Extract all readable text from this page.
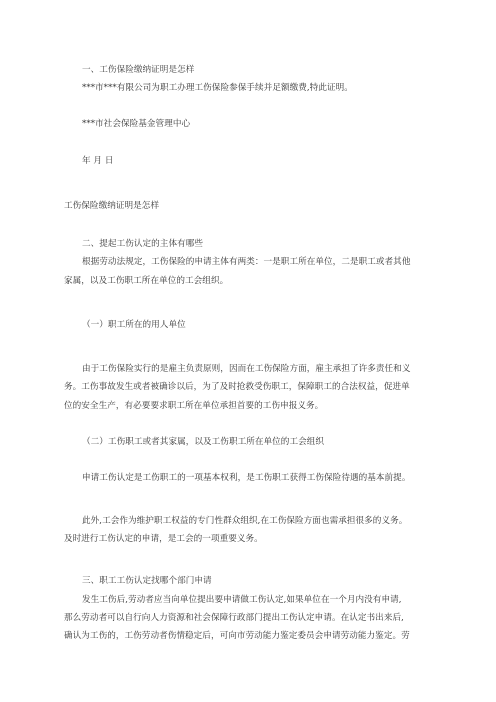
一、工伤保险缴纳证明是怎样
***市***有限公司为职工办理工伤保险参保手续并足额缴费,特此证明。
***市社会保险基金管理中心
年 月 日
工伤保险缴纳证明是怎样
二、提起工伤认定的主体有哪些
根据劳动法规定，工伤保险的申请主体有两类：一是职工所在单位，二是职工或者其他
家属，以及工伤职工所在单位的工会组织。
（一）职工所在的用人单位
由于工伤保险实行的是雇主负责原则，因而在工伤保险方面，雇主承担了许多责任和义
务。工伤事故发生或者被确诊以后，为了及时抢救受伤职工，保障职工的合法权益，促进单
位的安全生产，有必要要求职工所在单位承担首要的工伤申报义务。
（二）工伤职工或者其家属，以及工伤职工所在单位的工会组织
申请工伤认定是工伤职工的一项基本权利，是工伤职工获得工伤保险待遇的基本前提。
此外,工会作为维护职工权益的专门性群众组织,在工伤保险方面也需承担很多的义务。
及时进行工伤认定的申请，是工会的一项重要义务。
三、职工工伤认定找哪个部门申请
发生工伤后,劳动者应当向单位提出要申请做工伤认定,如果单位在一个月内没有申请,
那么劳动者可以自行向人力资源和社会保障行政部门提出工伤认定申请。在认定书出来后,
确认为工伤的，工伤劳动者伤情稳定后，可向市劳动能力鉴定委员会申请劳动能力鉴定。劳
